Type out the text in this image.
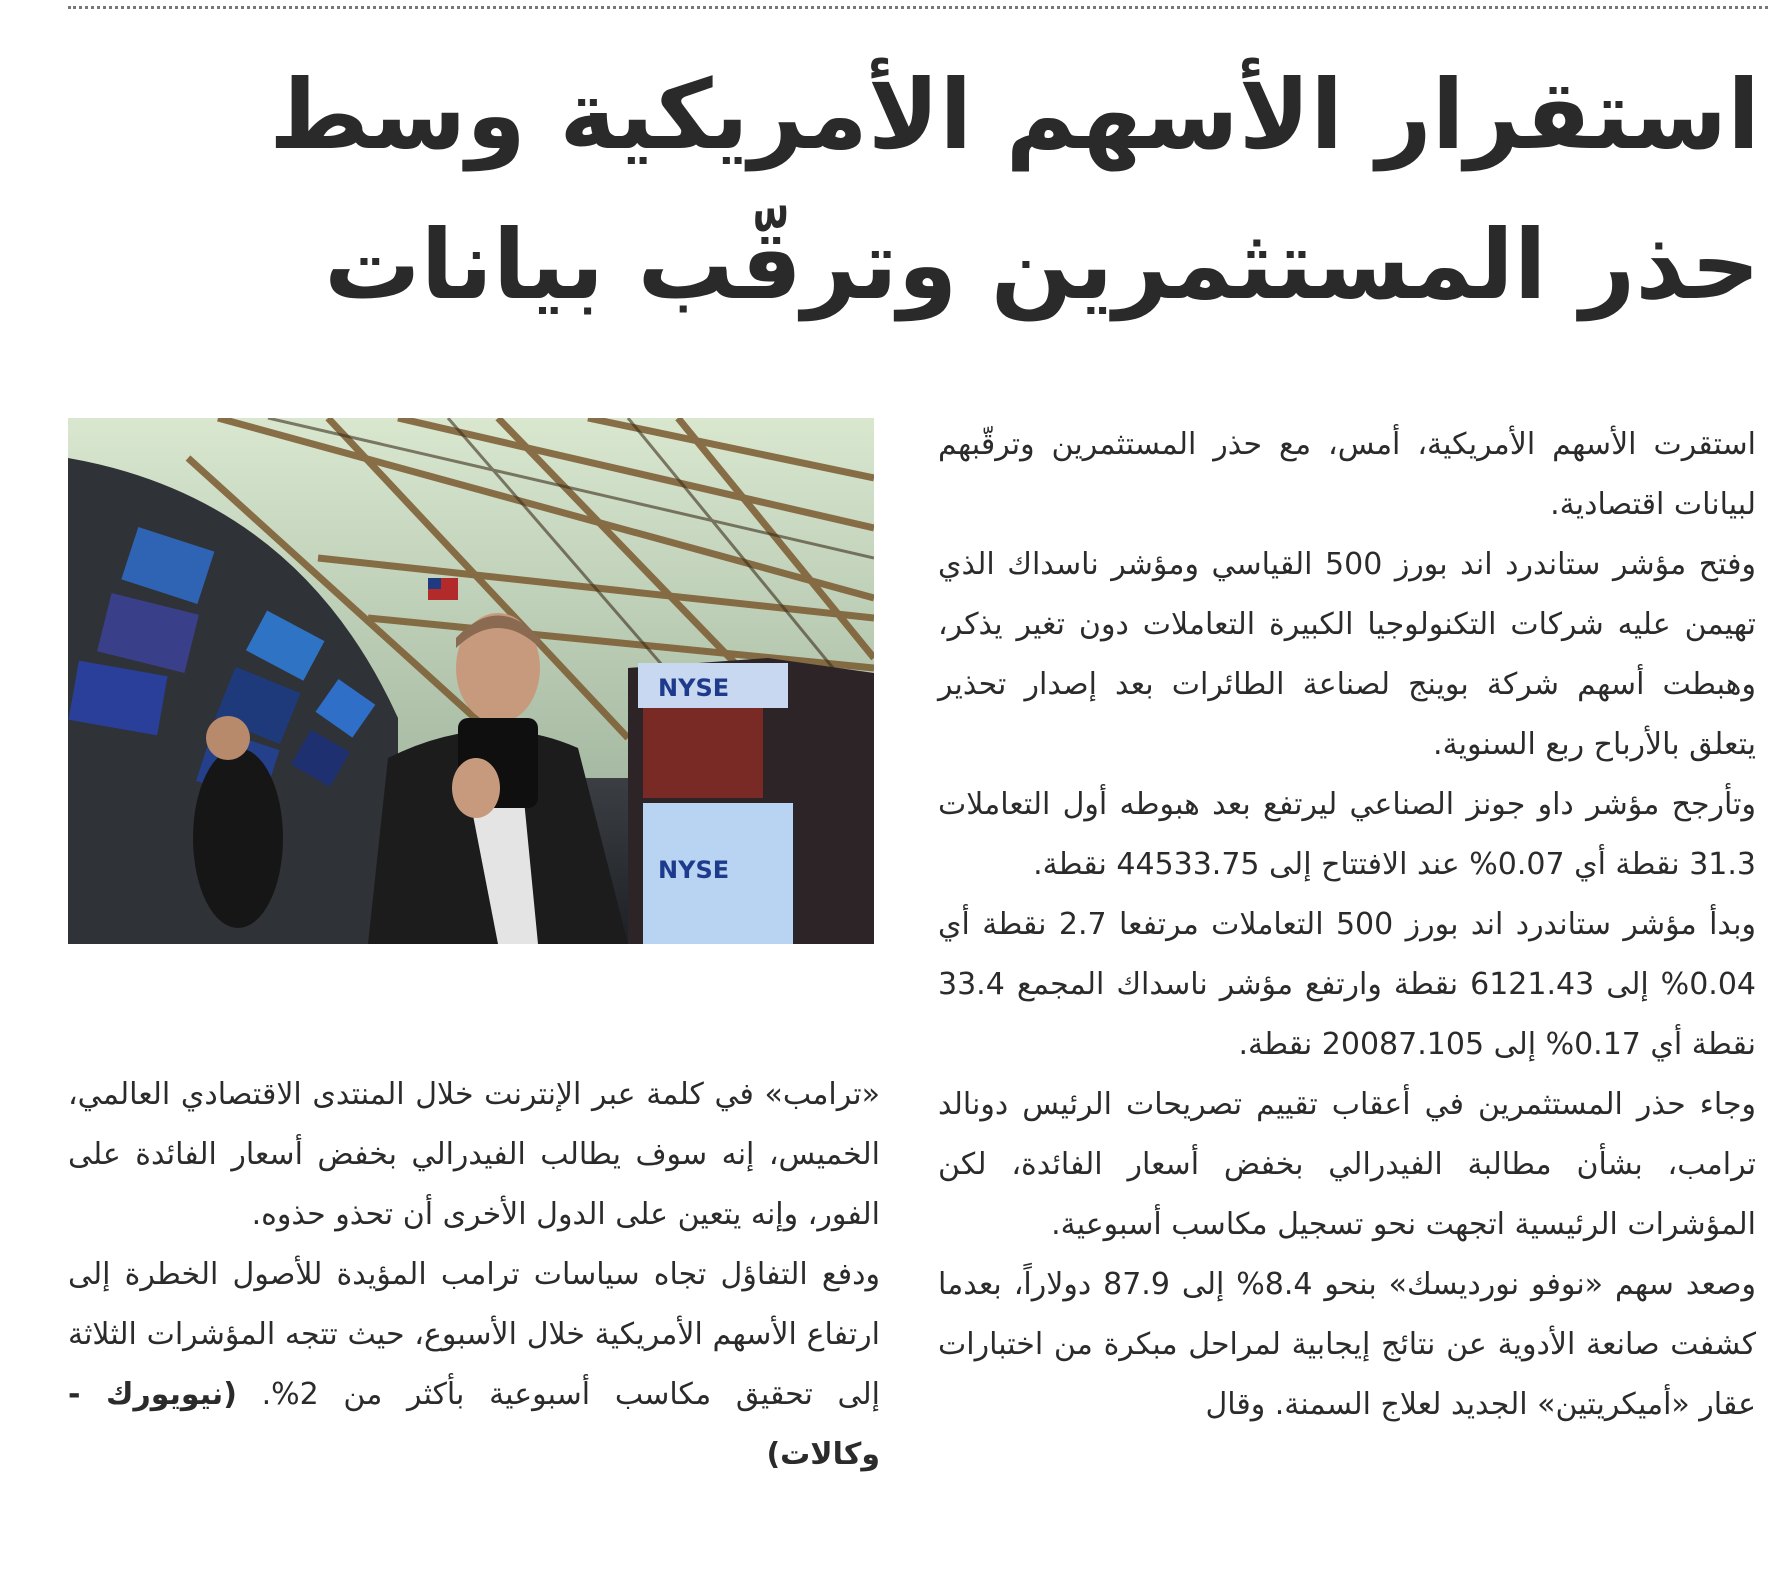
استقرار الأسهم الأمريكية وسط
حذر المستثمرين وترقّب بيانات

استقرت الأسهم الأمريكية، أمس، مع حذر المستثمرين وترقّبهم لبيانات اقتصادية.

وفتح مؤشر ستاندرد اند بورز 500 القياسي ومؤشر ناسداك الذي تهيمن عليه شركات التكنولوجيا الكبيرة التعاملات دون تغير يذكر، وهبطت أسهم شركة بوينج لصناعة الطائرات بعد إصدار تحذير يتعلق بالأرباح ربع السنوية.

وتأرجح مؤشر داو جونز الصناعي ليرتفع بعد هبوطه أول التعاملات 31.3 نقطة أي 0.07% عند الافتتاح إلى 44533.75 نقطة.

وبدأ مؤشر ستاندرد اند بورز 500 التعاملات مرتفعا 2.7 نقطة أي 0.04% إلى 6121.43 نقطة وارتفع مؤشر ناسداك المجمع 33.4 نقطة أي 0.17% إلى 20087.105 نقطة.

وجاء حذر المستثمرين في أعقاب تقييم تصريحات الرئيس دونالد ترامب، بشأن مطالبة الفيدرالي بخفض أسعار الفائدة، لكن المؤشرات الرئيسية اتجهت نحو تسجيل مكاسب أسبوعية.

وصعد سهم «نوفو نورديسك» بنحو 8.4% إلى 87.9 دولاراً، بعدما كشفت صانعة الأدوية عن نتائج إيجابية لمراحل مبكرة من اختبارات عقار «أميكريتين» الجديد لعلاج السمنة. وقال

NYSE
NYSE

«ترامب» في كلمة عبر الإنترنت خلال المنتدى الاقتصادي العالمي، الخميس، إنه سوف يطالب الفيدرالي بخفض أسعار الفائدة على الفور، وإنه يتعين على الدول الأخرى أن تحذو حذوه.

ودفع التفاؤل تجاه سياسات ترامب المؤيدة للأصول الخطرة إلى ارتفاع الأسهم الأمريكية خلال الأسبوع، حيث تتجه المؤشرات الثلاثة إلى تحقيق مكاسب أسبوعية بأكثر من 2%. (نيويورك - وكالات)
